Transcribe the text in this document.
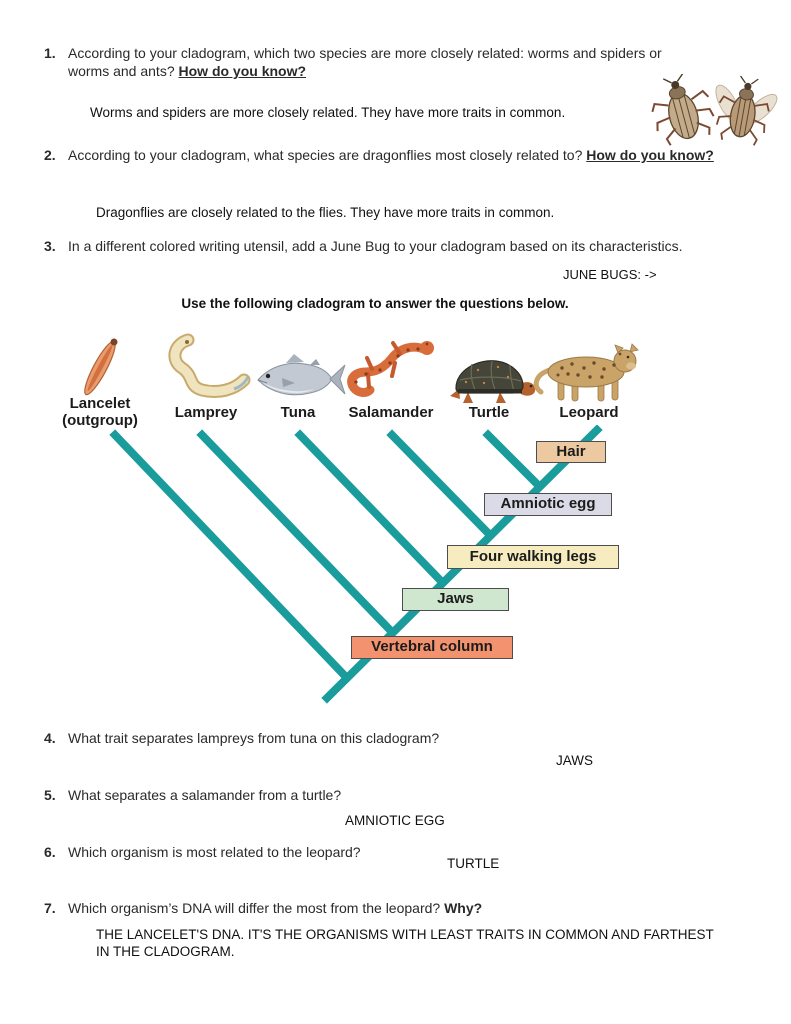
1. According to your cladogram, which two species are more closely related: worms and spiders or worms and ants? How do you know?
Worms and spiders are more closely related. They have more traits in common.
2. According to your cladogram, what species are dragonflies most closely related to? How do you know?
Dragonflies are closely related to the flies. They have more traits in common.
3. In a different colored writing utensil, add a June Bug to your cladogram based on its characteristics.
JUNE BUGS: ->
Use the following cladogram to answer the questions below.
Lancelet
(outgroup)	Lamprey	Tuna	Salamander	Turtle	Leopard
Hair
Amniotic egg
Four walking legs
Jaws
Vertebral column
4. What trait separates lampreys from tuna on this cladogram?
JAWS
5. What separates a salamander from a turtle?
AMNIOTIC EGG
6. Which organism is most related to the leopard?
TURTLE
7. Which organism’s DNA will differ the most from the leopard? Why?
THE LANCELET'S DNA. IT'S THE ORGANISMS WITH LEAST TRAITS IN COMMON AND FARTHEST IN THE CLADOGRAM.
